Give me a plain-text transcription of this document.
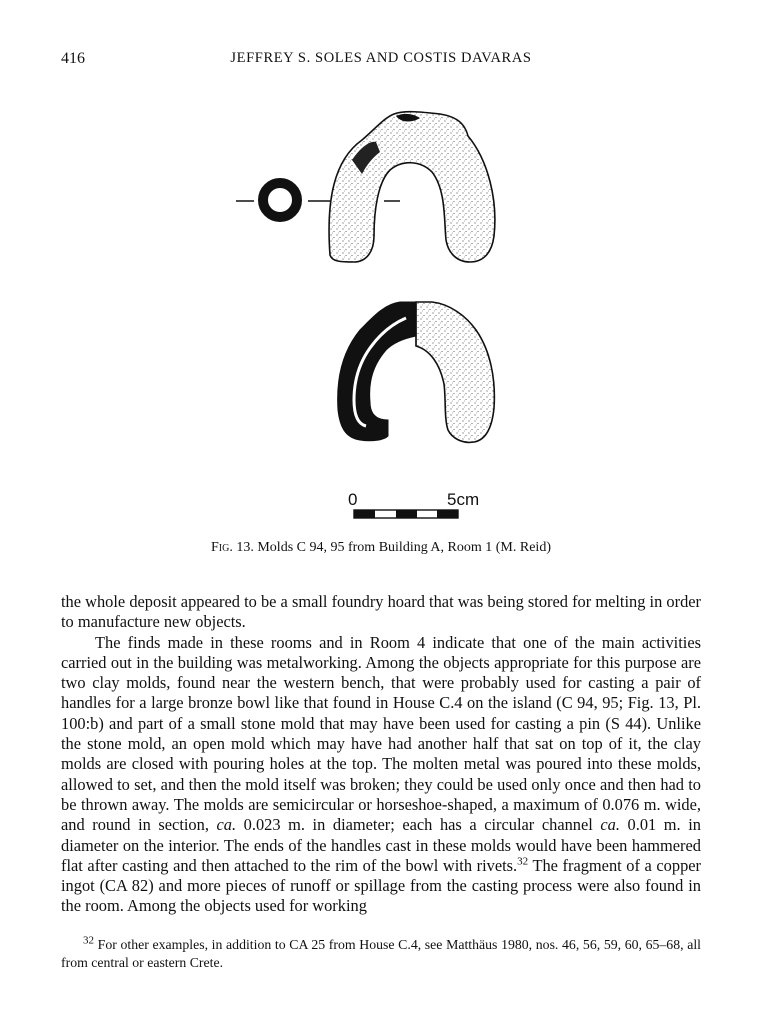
416	JEFFREY S. SOLES AND COSTIS DAVARAS
0	5cm
Fig. 13. Molds C 94, 95 from Building A, Room 1 (M. Reid)

the whole deposit appeared to be a small foundry hoard that was being stored for melting in order to manufacture new objects.

The finds made in these rooms and in Room 4 indicate that one of the main activities carried out in the building was metalworking. Among the objects appropriate for this purpose are two clay molds, found near the western bench, that were probably used for casting a pair of handles for a large bronze bowl like that found in House C.4 on the island (C 94, 95; Fig. 13, Pl. 100:b) and part of a small stone mold that may have been used for casting a pin (S 44). Unlike the stone mold, an open mold which may have had another half that sat on top of it, the clay molds are closed with pouring holes at the top. The molten metal was poured into these molds, allowed to set, and then the mold itself was broken; they could be used only once and then had to be thrown away. The molds are semicircular or horseshoe-shaped, a maximum of 0.076 m. wide, and round in section, ca. 0.023 m. in diameter; each has a circular channel ca. 0.01 m. in diameter on the interior. The ends of the handles cast in these molds would have been hammered flat after casting and then attached to the rim of the bowl with rivets.$^{32}$ The fragment of a copper ingot (CA 82) and more pieces of runoff or spillage from the casting process were also found in the room. Among the objects used for working

$^{32}$ For other examples, in addition to CA 25 from House C.4, see Matthäus 1980, nos. 46, 56, 59, 60, 65–68, all from central or eastern Crete.
